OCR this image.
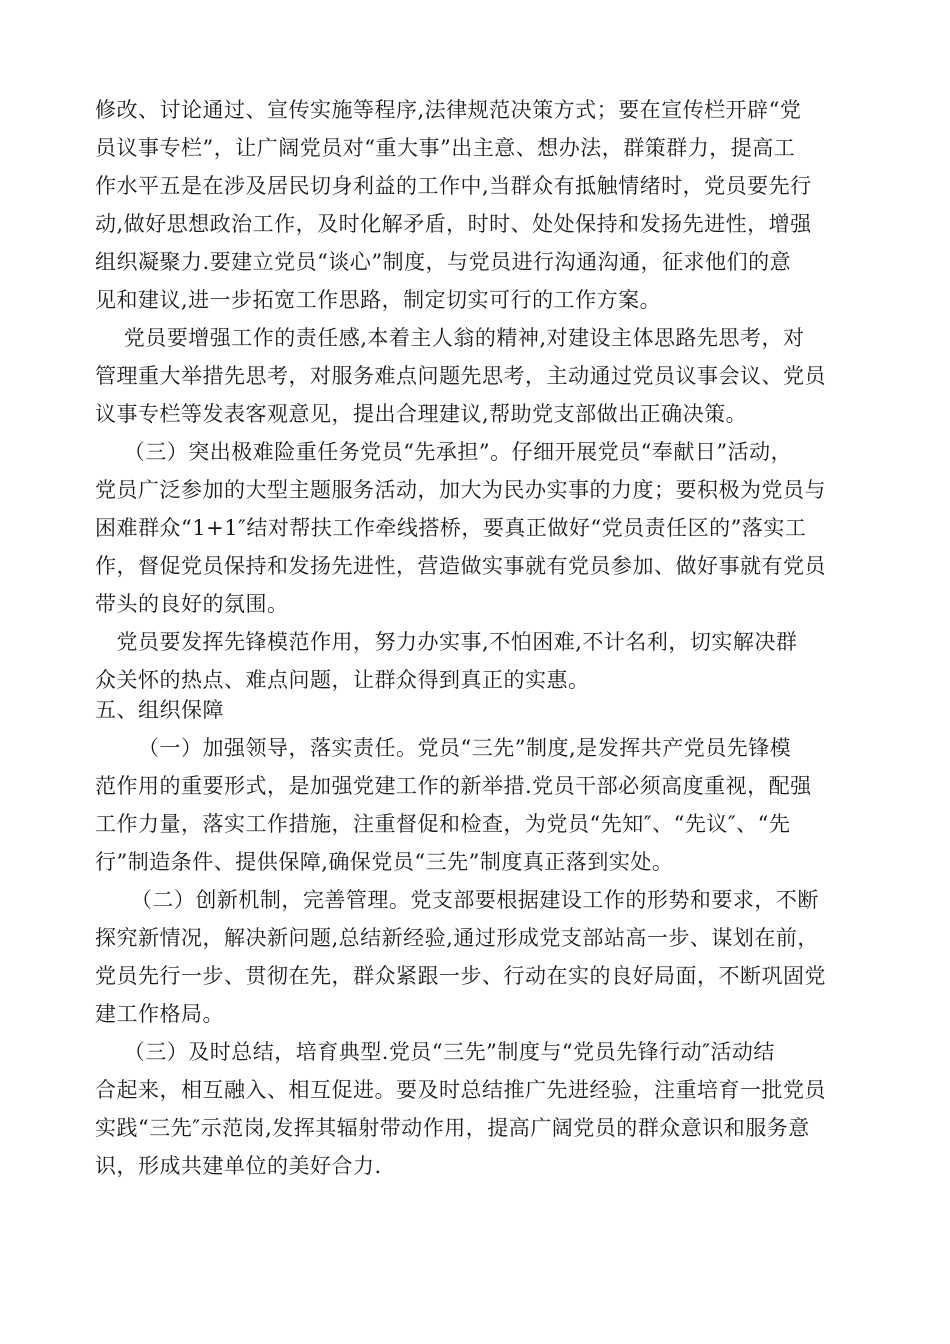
修改、讨论通过、宣传实施等程序,法律规范决策方式；要在宣传栏开辟“党
员议事专栏”，让广阔党员对“重大事”出主意、想办法，群策群力，提高工
作水平五是在涉及居民切身利益的工作中,当群众有抵触情绪时，党员要先行
动,做好思想政治工作，及时化解矛盾，时时、处处保持和发扬先进性，增强
组织凝聚力.要建立党员“谈心”制度，与党员进行沟通沟通，征求他们的意
见和建议,进一步拓宽工作思路，制定切实可行的工作方案。
党员要增强工作的责任感,本着主人翁的精神,对建设主体思路先思考，对
管理重大举措先思考，对服务难点问题先思考，主动通过党员议事会议、党员
议事专栏等发表客观意见，提出合理建议,帮助党支部做出正确决策。
（三）突出极难险重任务党员“先承担”。仔细开展党员“奉献日”活动，
党员广泛参加的大型主题服务活动，加大为民办实事的力度；要积极为党员与
困难群众“1+1″结对帮扶工作牵线搭桥，要真正做好“党员责任区的”落实工
作，督促党员保持和发扬先进性，营造做实事就有党员参加、做好事就有党员
带头的良好的氛围。
党员要发挥先锋模范作用，努力办实事,不怕困难,不计名利，切实解决群
众关怀的热点、难点问题，让群众得到真正的实惠。
五、组织保障
（一）加强领导，落实责任。党员“三先”制度,是发挥共产党员先锋模
范作用的重要形式，是加强党建工作的新举措.党员干部必须高度重视，配强
工作力量，落实工作措施，注重督促和检查，为党员“先知″、“先议″、“先
行”制造条件、提供保障,确保党员“三先”制度真正落到实处。
（二）创新机制，完善管理。党支部要根据建设工作的形势和要求，不断
探究新情况，解决新问题,总结新经验,通过形成党支部站高一步、谋划在前，
党员先行一步、贯彻在先，群众紧跟一步、行动在实的良好局面，不断巩固党
建工作格局。
（三）及时总结，培育典型.党员“三先”制度与“党员先锋行动″活动结
合起来，相互融入、相互促进。要及时总结推广先进经验，注重培育一批党员
实践“三先″示范岗,发挥其辐射带动作用，提高广阔党员的群众意识和服务意
识，形成共建单位的美好合力.
